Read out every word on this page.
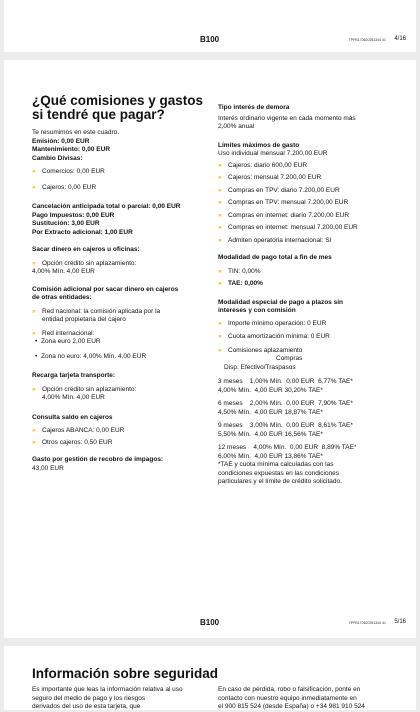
B100	TPPB170620251344 41 4/16
¿Qué comisiones y gastos
si tendré que pagar?
Te resumimos en este cuadro.
Emisión: 0,00 EUR
Mantenimiento: 0,00 EUR
Cambio Divisas:
» Comercios: 0,00 EUR
» Cajeros: 0,00 EUR
Cancelación anticipada total o parcial: 0,00 EUR
Pago Impuestos: 0,00 EUR
Sustitución: 3,00 EUR
Por Extracto adicional: 1,00 EUR
Sacar dinero en cajeros u oficinas:
» Opción crédito sin aplazamiento:
4,00% Mín. 4,00 EUR
Comisión adicional por sacar dinero en cajeros
de otras entidades:
» Red nacional: la comisión aplicada por la
entidad propietaria del cajero
» Red internacional:
• Zona euro 2,00 EUR
• Zona no euro: 4,00% Mín. 4,00 EUR
Recarga tarjeta transporte:
» Opción crédito sin aplazamiento:
4,00% Mín. 4,00 EUR
Consulta saldo en cajeros
» Cajeros ABANCA: 0,00 EUR
» Otros cajeros: 0,50 EUR
Gasto por gestión de recobro de impagos:
43,00 EUR
Tipo interés de demora
Interés ordinario vigente en cada momento más
2,00% anual
Límites máximos de gasto
Uso individual mensual 7.200,00 EUR
» Cajeros: diario 600,00 EUR
» Cajeros: mensual 7.200,00 EUR
» Compras en TPV: diario 7.200,00 EUR
» Compras en TPV: mensual 7.200,00 EUR
» Compras en internet: diario 7.200,00 EUR
» Compras en internet: mensual 7.200,00 EUR
» Admiten operatoria internacional: SI
Modalidad de pago total a fin de mes
» TIN: 0,00%
» TAE: 0,00%
Modalidad especial de pago a plazos sin
intereses y con comisión
» Importe mínimo operación: 0 EUR
» Cuota amortización mínima: 0 EUR
» Comisiones aplazamiento
Compras
Disp. Efectivo/Traspasos
3 meses    1,00% Mín.  0,00 EUR  6,77% TAE*
4,00% Mín.  4,00 EUR 30,20% TAE*
6 meses    2,00% Mín.  0,00 EUR  7,90% TAE*
4,50% Mín.  4,00 EUR 18,87% TAE*
9 meses    3,00% Mín.  0,00 EUR  8,61% TAE*
5,50% Mín.  4,00 EUR 16,56% TAE*
12 meses    4,00% Mín.  0,00 EUR  8,89% TAE*
6,00% Mín.  4,00 EUR 13,86% TAE*
*TAE y cuota mínima calculadas con las
condiciones expuestas en las condiciones
particulares y el límite de crédito solicitado.
B100	TPPB170620251344 41 5/16
Información sobre seguridad
Es importante que leas la información relativa al uso
seguro del medio de pago y los riesgos
derivados del uso de esta tarjeta, que
En caso de pérdida, robo o falsificación, ponte en
contacto con nuestro equipo inmediatamente en
el 900 815 524 (desde España) o +34 981 910 524
